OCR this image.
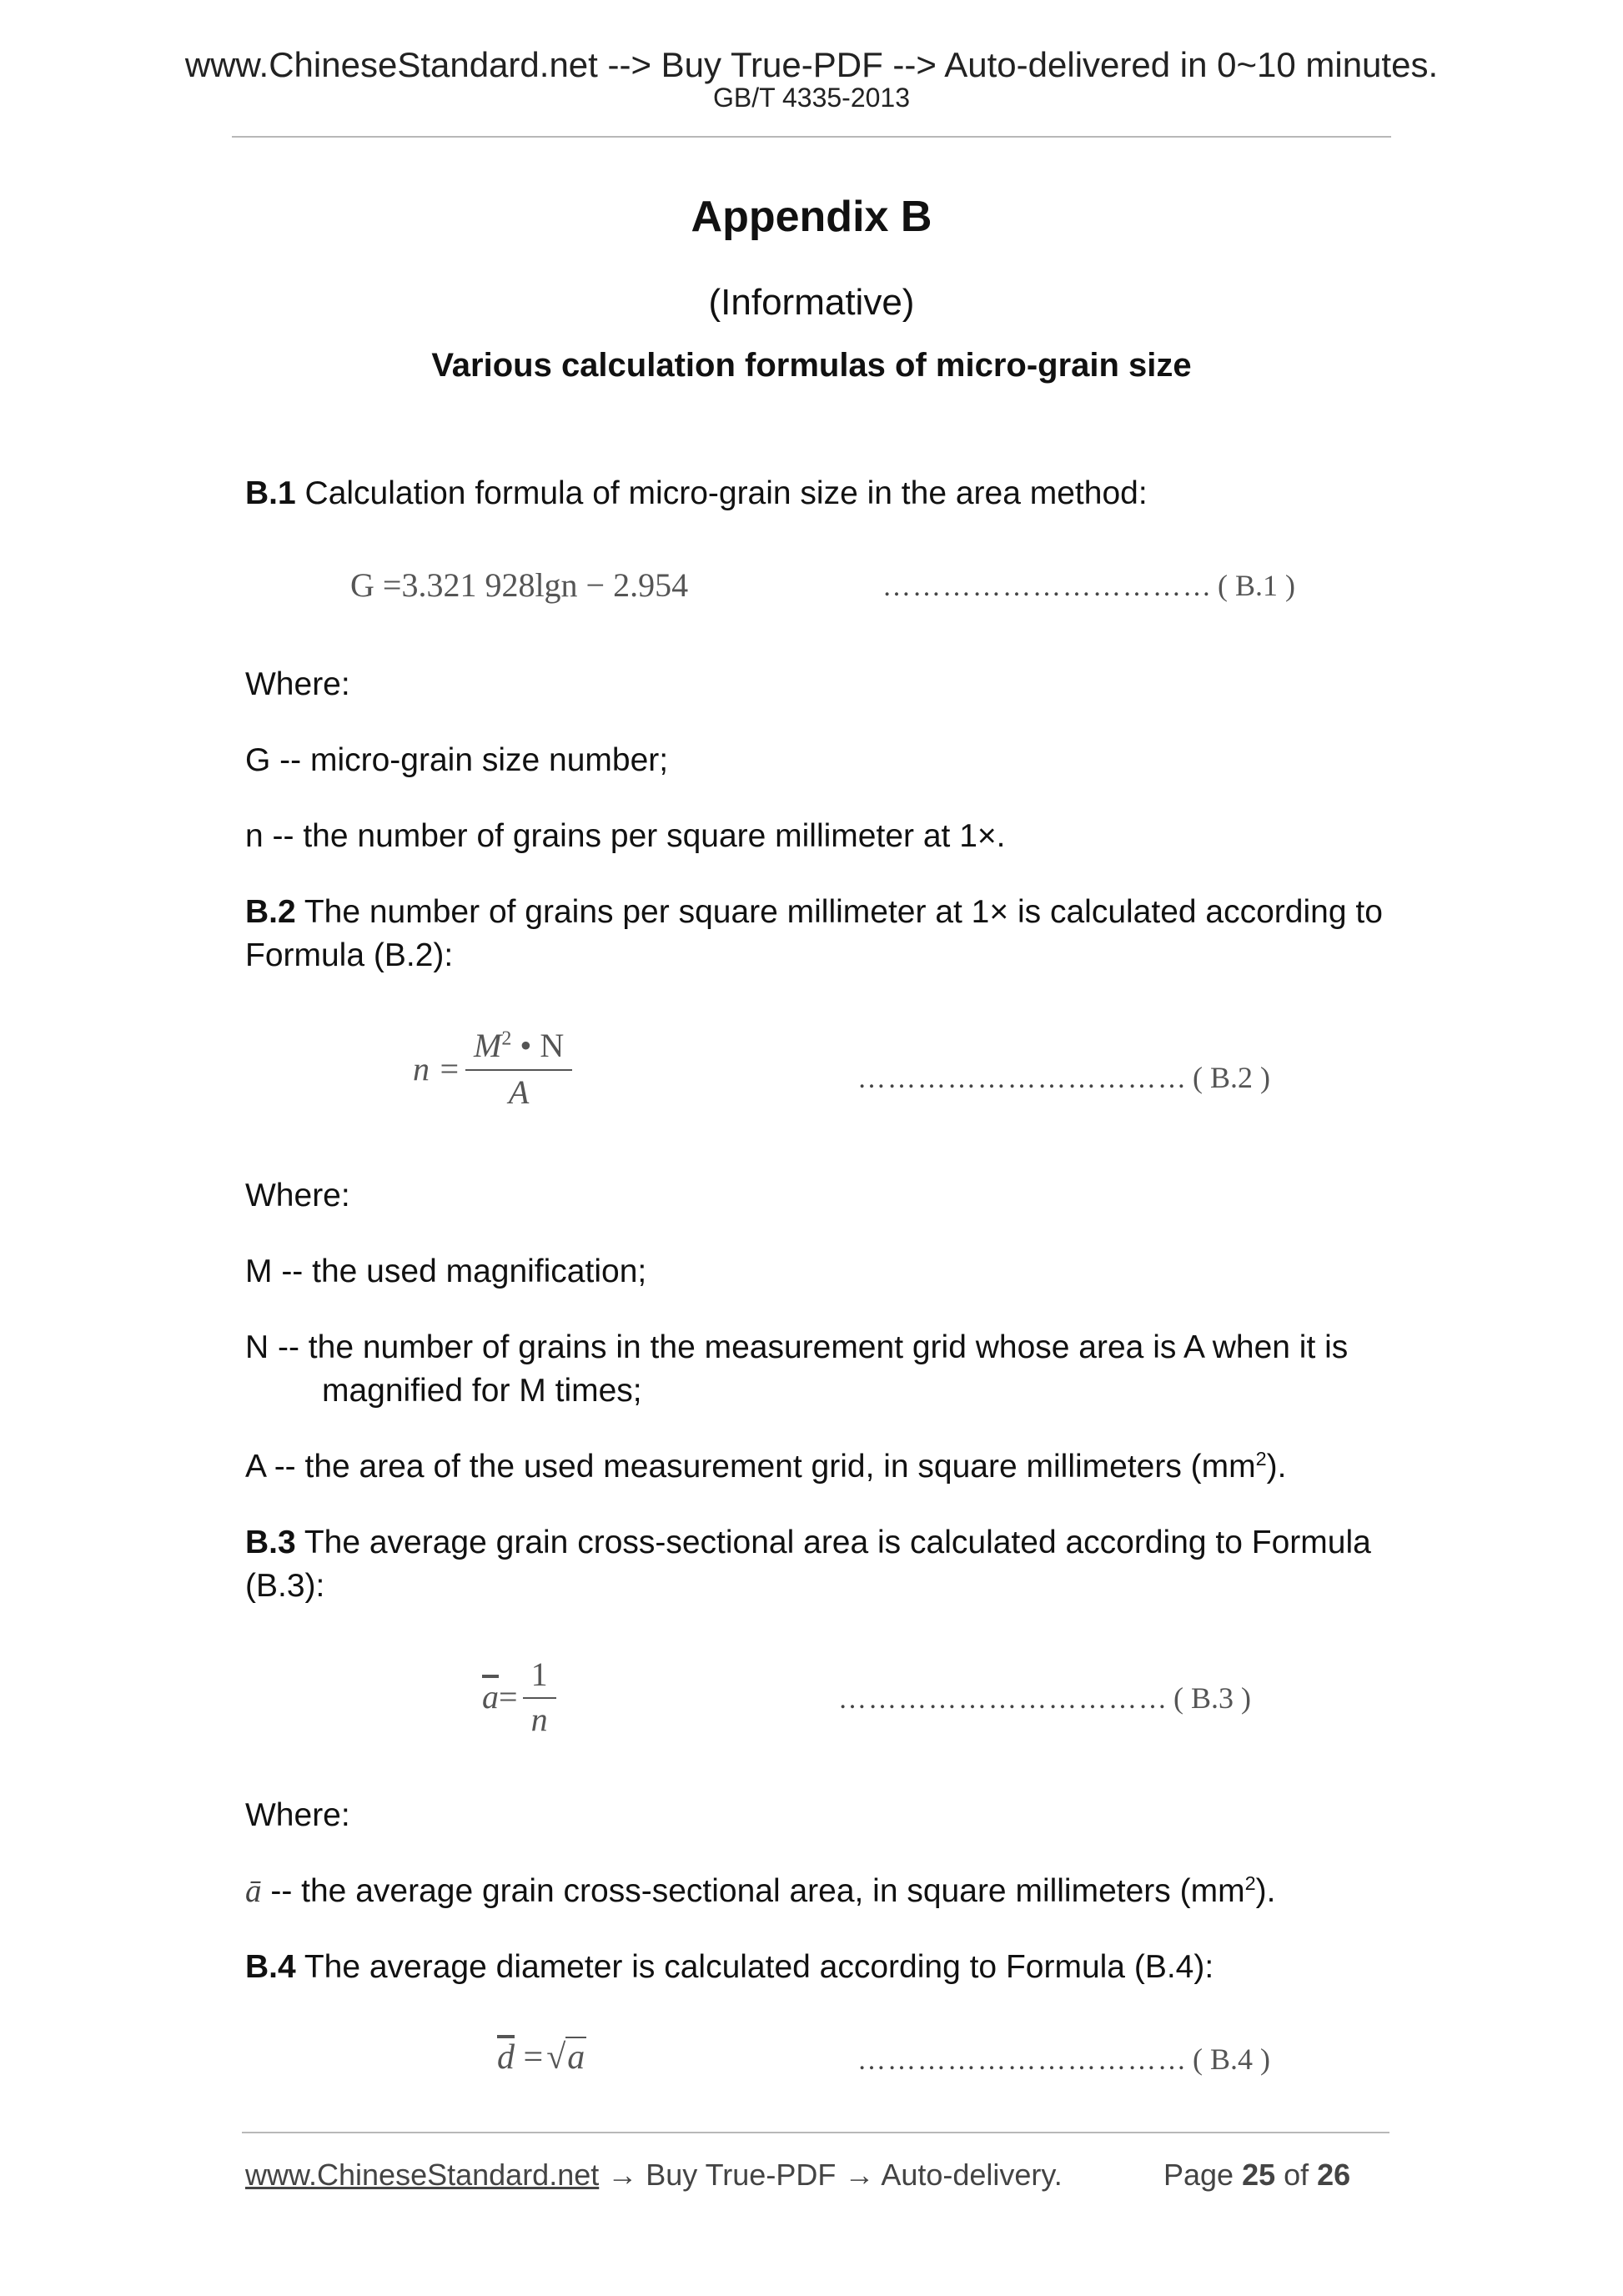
www.ChineseStandard.net --> Buy True-PDF --> Auto-delivered in 0~10 minutes.
GB/T 4335-2013
Appendix B
(Informative)
Various calculation formulas of micro-grain size
B.1 Calculation formula of micro-grain size in the area method:
G =3.321 928lgn − 2.954	…………………………… ( B.1 )
Where:
G -- micro-grain size number;
n -- the number of grains per square millimeter at 1×.
B.2 The number of grains per square millimeter at 1× is calculated according to Formula (B.2):
$n = \frac{M^2 • N}{A}$	…………………………… ( B.2 )
Where:
M -- the used magnification;
N -- the number of grains in the measurement grid whose area is A when it is magnified for M times;
A -- the area of the used measurement grid, in square millimeters $(mm^2)$.
B.3 The average grain cross-sectional area is calculated according to Formula (B.3):
$\overline{a} = \frac{1}{n}$	…………………………… ( B.3 )
Where:
ā -- the average grain cross-sectional area, in square millimeters $(mm^2)$.
B.4 The average diameter is calculated according to Formula (B.4):
$\overline{d} =√a$	…………………………… ( B.4 )
www.ChineseStandard.net → Buy True-PDF → Auto-delivery.	Page 25 of 26
